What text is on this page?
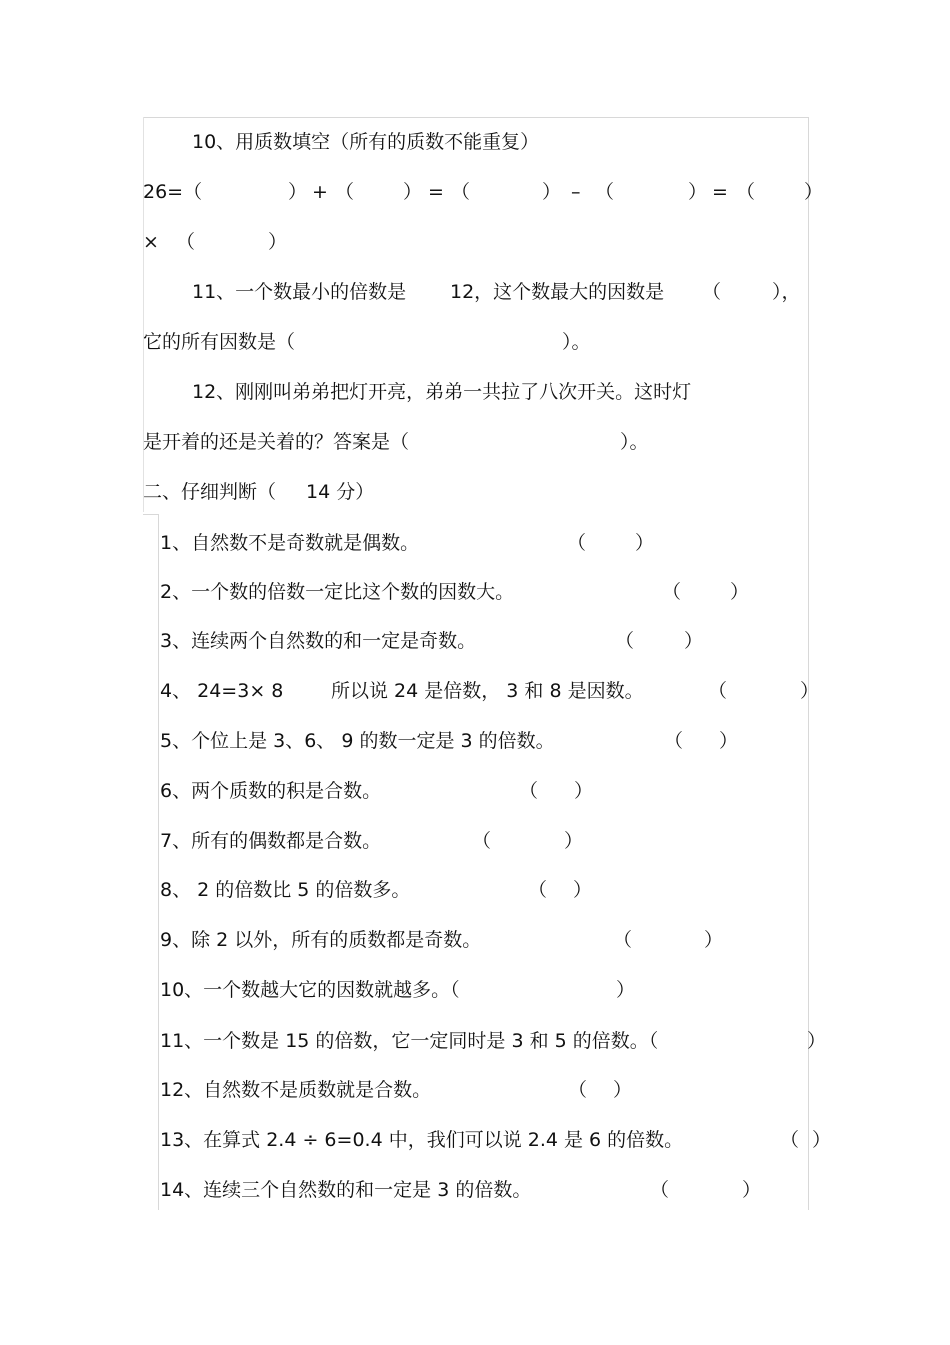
10、用质数填空（所有的质数不能重复）
26=（	） + （	） = （	） – （	） = （	）
× （	）
11、一个数最小的倍数是 12，这个数最大的因数是 （	），
它的所有因数是（	）。
12、刚刚叫弟弟把灯开亮，弟弟一共拉了八次开关。这时灯
是开着的还是关着的？答案是（	）。
二、仔细判断（ 14 分）
1、自然数不是奇数就是偶数。	（	）
2、一个数的倍数一定比这个数的因数大。	（	）
3、连续两个自然数的和一定是奇数。	（	）
4、 24=3× 8	所以说 24 是倍数， 3 和 8 是因数。	（	）
5、个位上是 3、6、 9 的数一定是 3 的倍数。	（ ）
6、两个质数的积是合数。	（ ）
7、所有的偶数都是合数。	（	）
8、 2 的倍数比 5 的倍数多。	（ ）
9、除 2 以外，所有的质数都是奇数。	（	）
10、一个数越大它的因数就越多。（	）
11、一个数是 15 的倍数，它一定同时是 3 和 5 的倍数。（	）
12、自然数不是质数就是合数。	（ ）
13、在算式 2.4 ÷ 6=0.4 中，我们可以说 2.4 是 6 的倍数。	（ ）
14、连续三个自然数的和一定是 3 的倍数。	（	）
